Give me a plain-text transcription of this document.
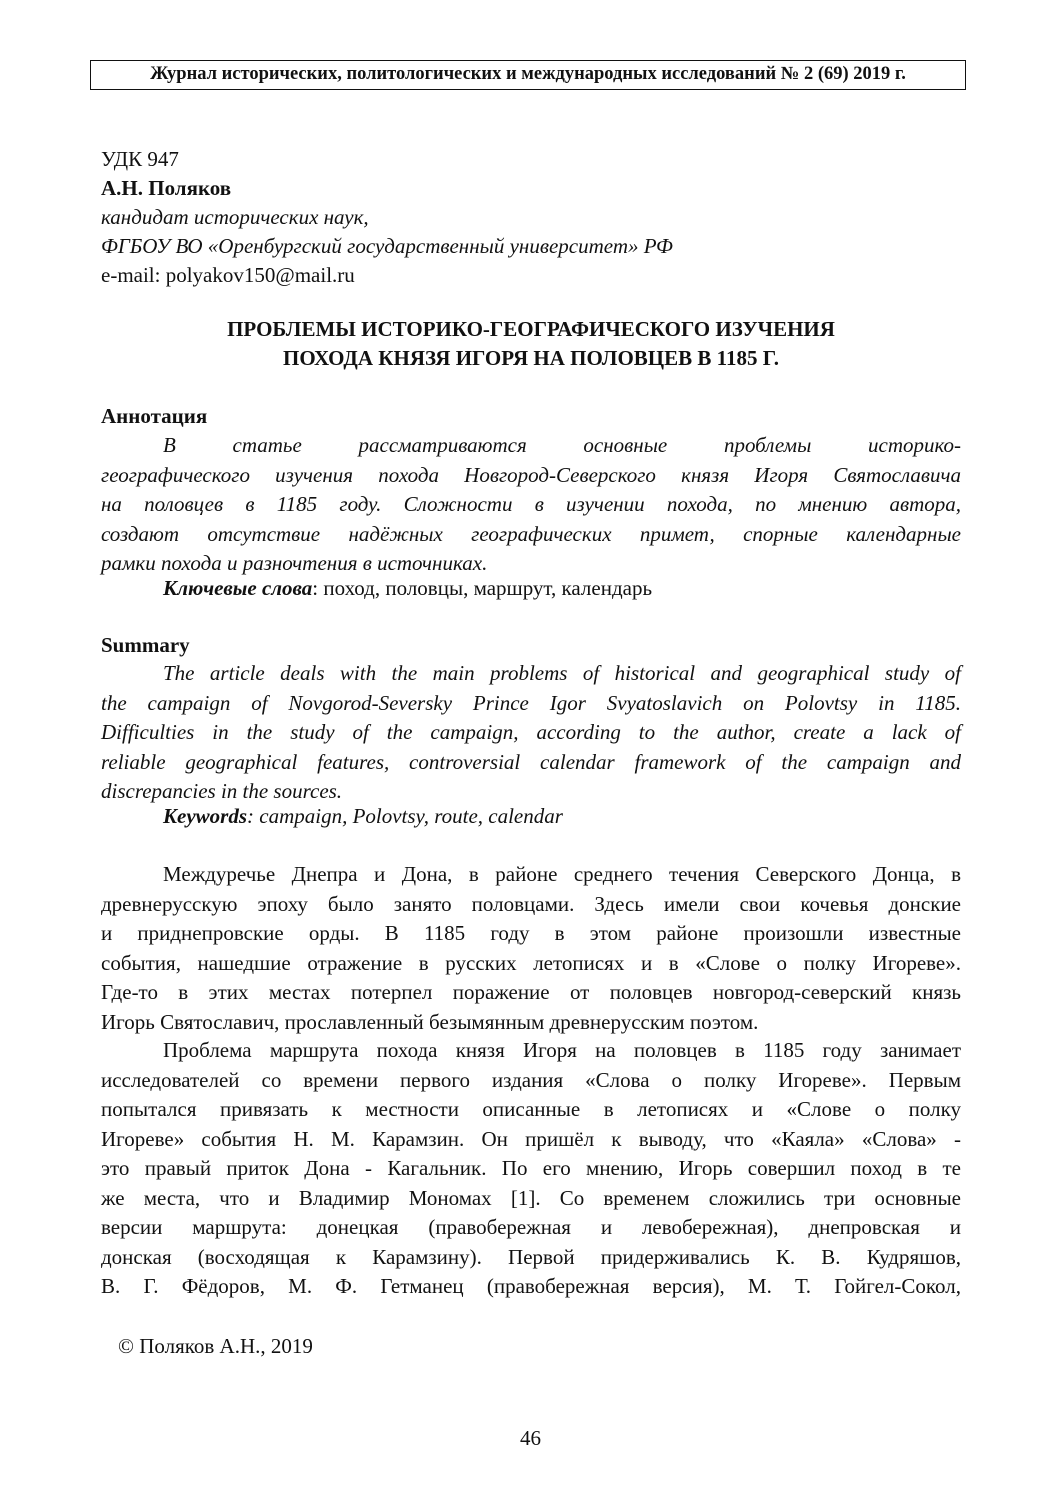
Журнал исторических, политологических и международных исследований № 2 (69) 2019 г.
УДК 947
А.Н. Поляков
кандидат исторических наук,
ФГБОУ ВО «Оренбургский государственный университет» РФ
e-mail: polyakov150@mail.ru
ПРОБЛЕМЫ ИСТОРИКО-ГЕОГРАФИЧЕСКОГО ИЗУЧЕНИЯ
ПОХОДА КНЯЗЯ ИГОРЯ НА ПОЛОВЦЕВ В 1185 Г.
Аннотация
В статье рассматриваются основные проблемы историко-
географического изучения похода Новгород-Северского князя Игоря Святославича
на половцев в 1185 году. Сложности в изучении похода, по мнению автора,
создают отсутствие надёжных географических примет, спорные календарные
рамки похода и разночтения в источниках.
Ключевые слова: поход, половцы, маршрут, календарь
Summary
The article deals with the main problems of historical and geographical study of
the campaign of Novgorod-Seversky Prince Igor Svyatoslavich on Polovtsy in 1185.
Difficulties in the study of the campaign, according to the author, create a lack of
reliable geographical features, controversial calendar framework of the campaign and
discrepancies in the sources.
Keywords: campaign, Polovtsy, route, calendar
Междуречье Днепра и Дона, в районе среднего течения Северского Донца, в
древнерусскую эпоху было занято половцами. Здесь имели свои кочевья донские
и приднепровские орды. В 1185 году в этом районе произошли известные
события, нашедшие отражение в русских летописях и в «Слове о полку Игореве».
Где-то в этих местах потерпел поражение от половцев новгород-северский князь
Игорь Святославич, прославленный безымянным древнерусским поэтом.
Проблема маршрута похода князя Игоря на половцев в 1185 году занимает
исследователей со времени первого издания «Слова о полку Игореве». Первым
попытался привязать к местности описанные в летописях и «Слове о полку
Игореве» события Н. М. Карамзин. Он пришёл к выводу, что «Каяла» «Слова» -
это правый приток Дона - Кагальник. По его мнению, Игорь совершил поход в те
же места, что и Владимир Мономах [1]. Со временем сложились три основные
версии маршрута: донецкая (правобережная и левобережная), днепровская и
донская (восходящая к Карамзину). Первой придерживались К. В. Кудряшов,
В. Г. Фёдоров, М. Ф. Гетманец (правобережная версия), М. Т. Гойгел-Сокол,
© Поляков А.Н., 2019
46
